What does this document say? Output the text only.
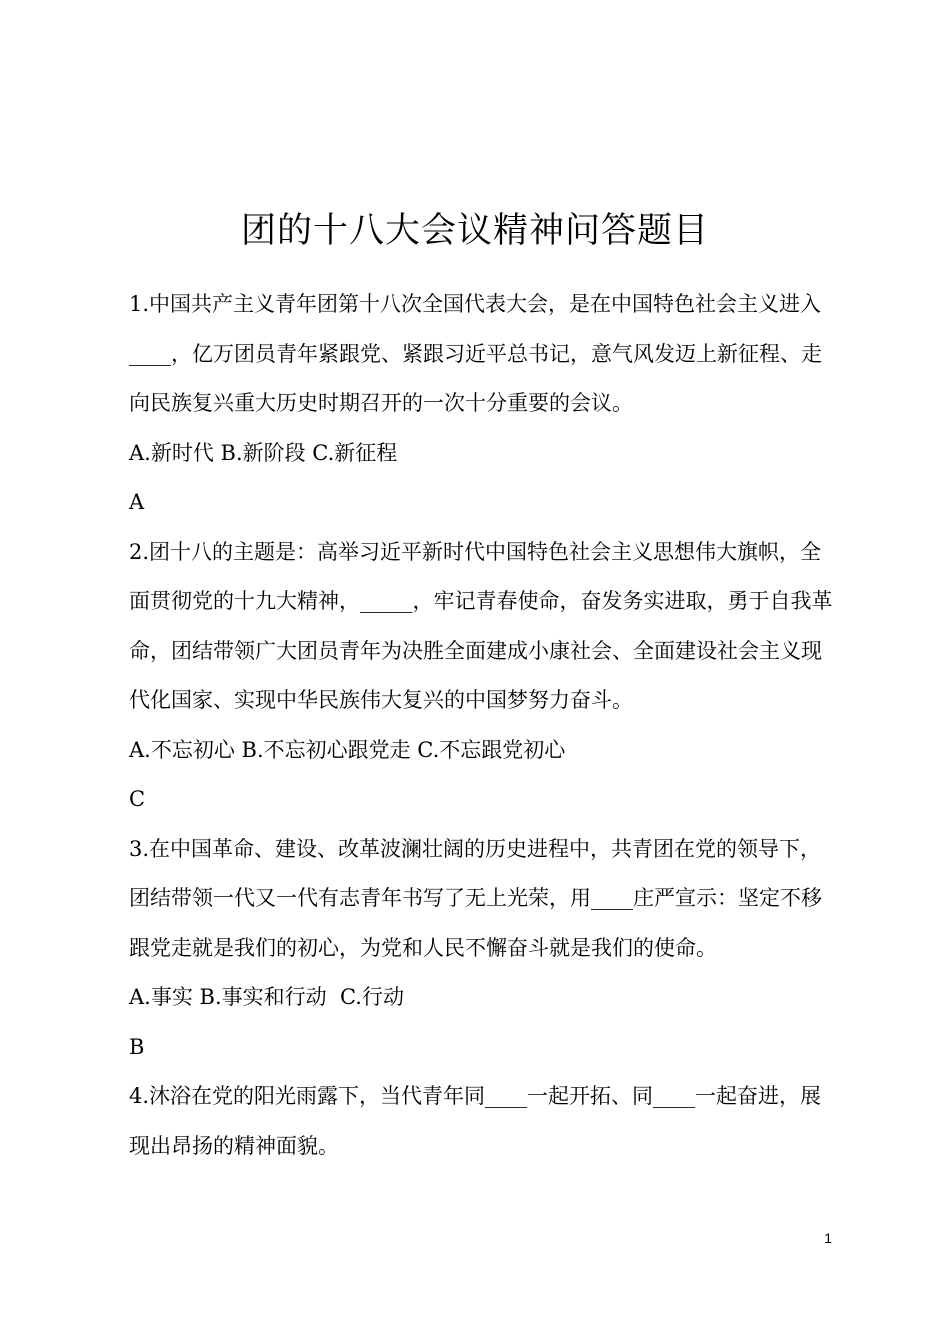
团的十八大会议精神问答题目

1.中国共产主义青年团第十八次全国代表大会，是在中国特色社会主义进入____，亿万团员青年紧跟党、紧跟习近平总书记，意气风发迈上新征程、走向民族复兴重大历史时期召开的一次十分重要的会议。

A.新时代 B.新阶段 C.新征程

A

2.团十八的主题是：高举习近平新时代中国特色社会主义思想伟大旗帜，全面贯彻党的十九大精神，_____，牢记青春使命，奋发务实进取，勇于自我革命，团结带领广大团员青年为决胜全面建成小康社会、全面建设社会主义现代化国家、实现中华民族伟大复兴的中国梦努力奋斗。

A.不忘初心 B.不忘初心跟党走 C.不忘跟党初心

C

3.在中国革命、建设、改革波澜壮阔的历史进程中，共青团在党的领导下，团结带领一代又一代有志青年书写了无上光荣，用____庄严宣示：坚定不移跟党走就是我们的初心，为党和人民不懈奋斗就是我们的使命。

A.事实 B.事实和行动  C.行动

B

4.沐浴在党的阳光雨露下，当代青年同____一起开拓、同____一起奋进，展现出昂扬的精神面貌。

1
